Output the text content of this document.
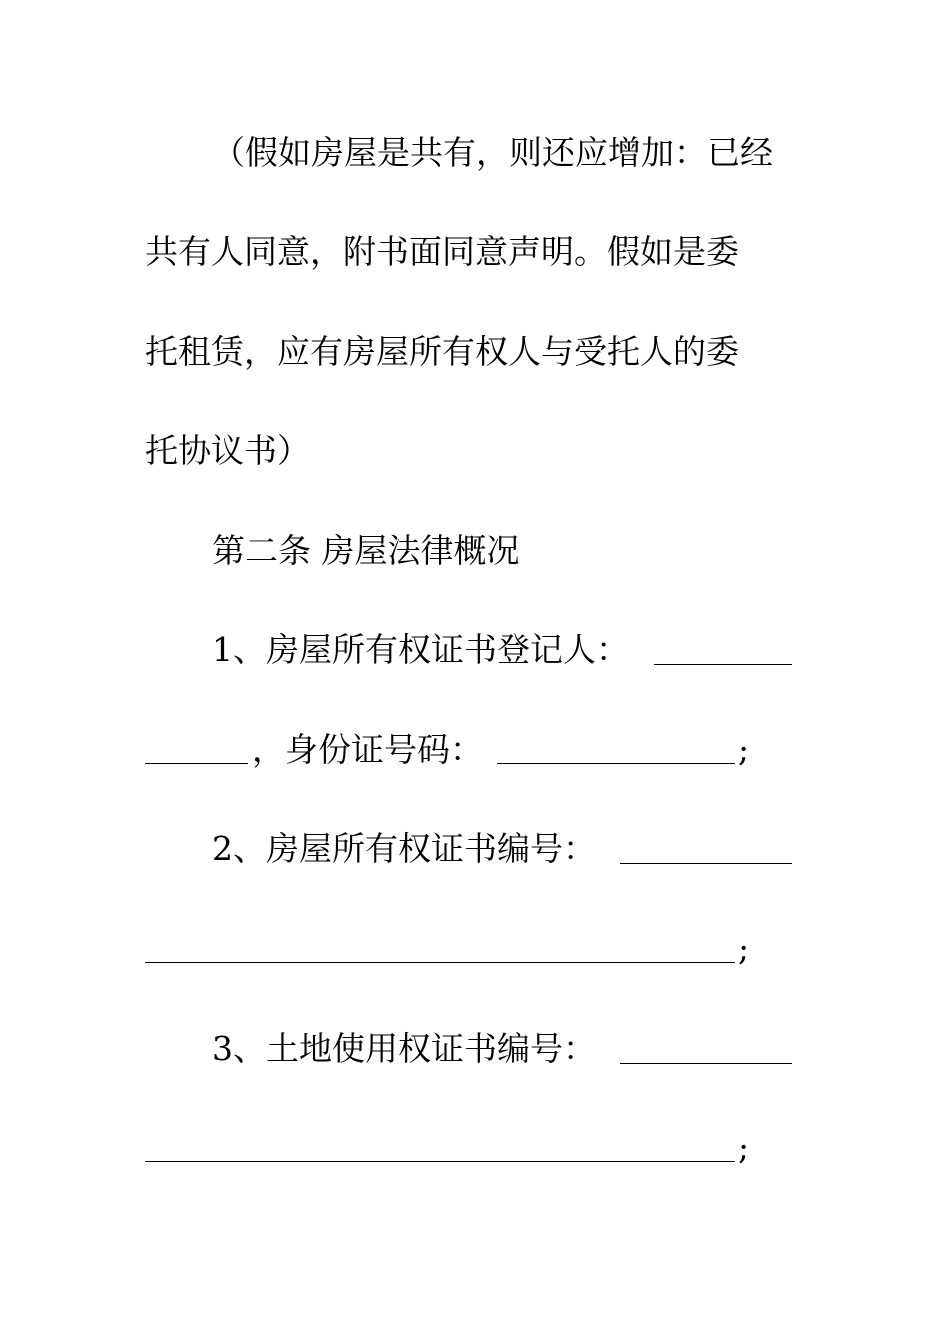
（假如房屋是共有，则还应增加：已经
共有人同意，附书面同意声明。假如是委
托租赁，应有房屋所有权人与受托人的委
托协议书）
第二条 房屋法律概况
1、房屋所有权证书登记人：
，身份证号码：	;
2、房屋所有权证书编号：
;
3、土地使用权证书编号：
;
